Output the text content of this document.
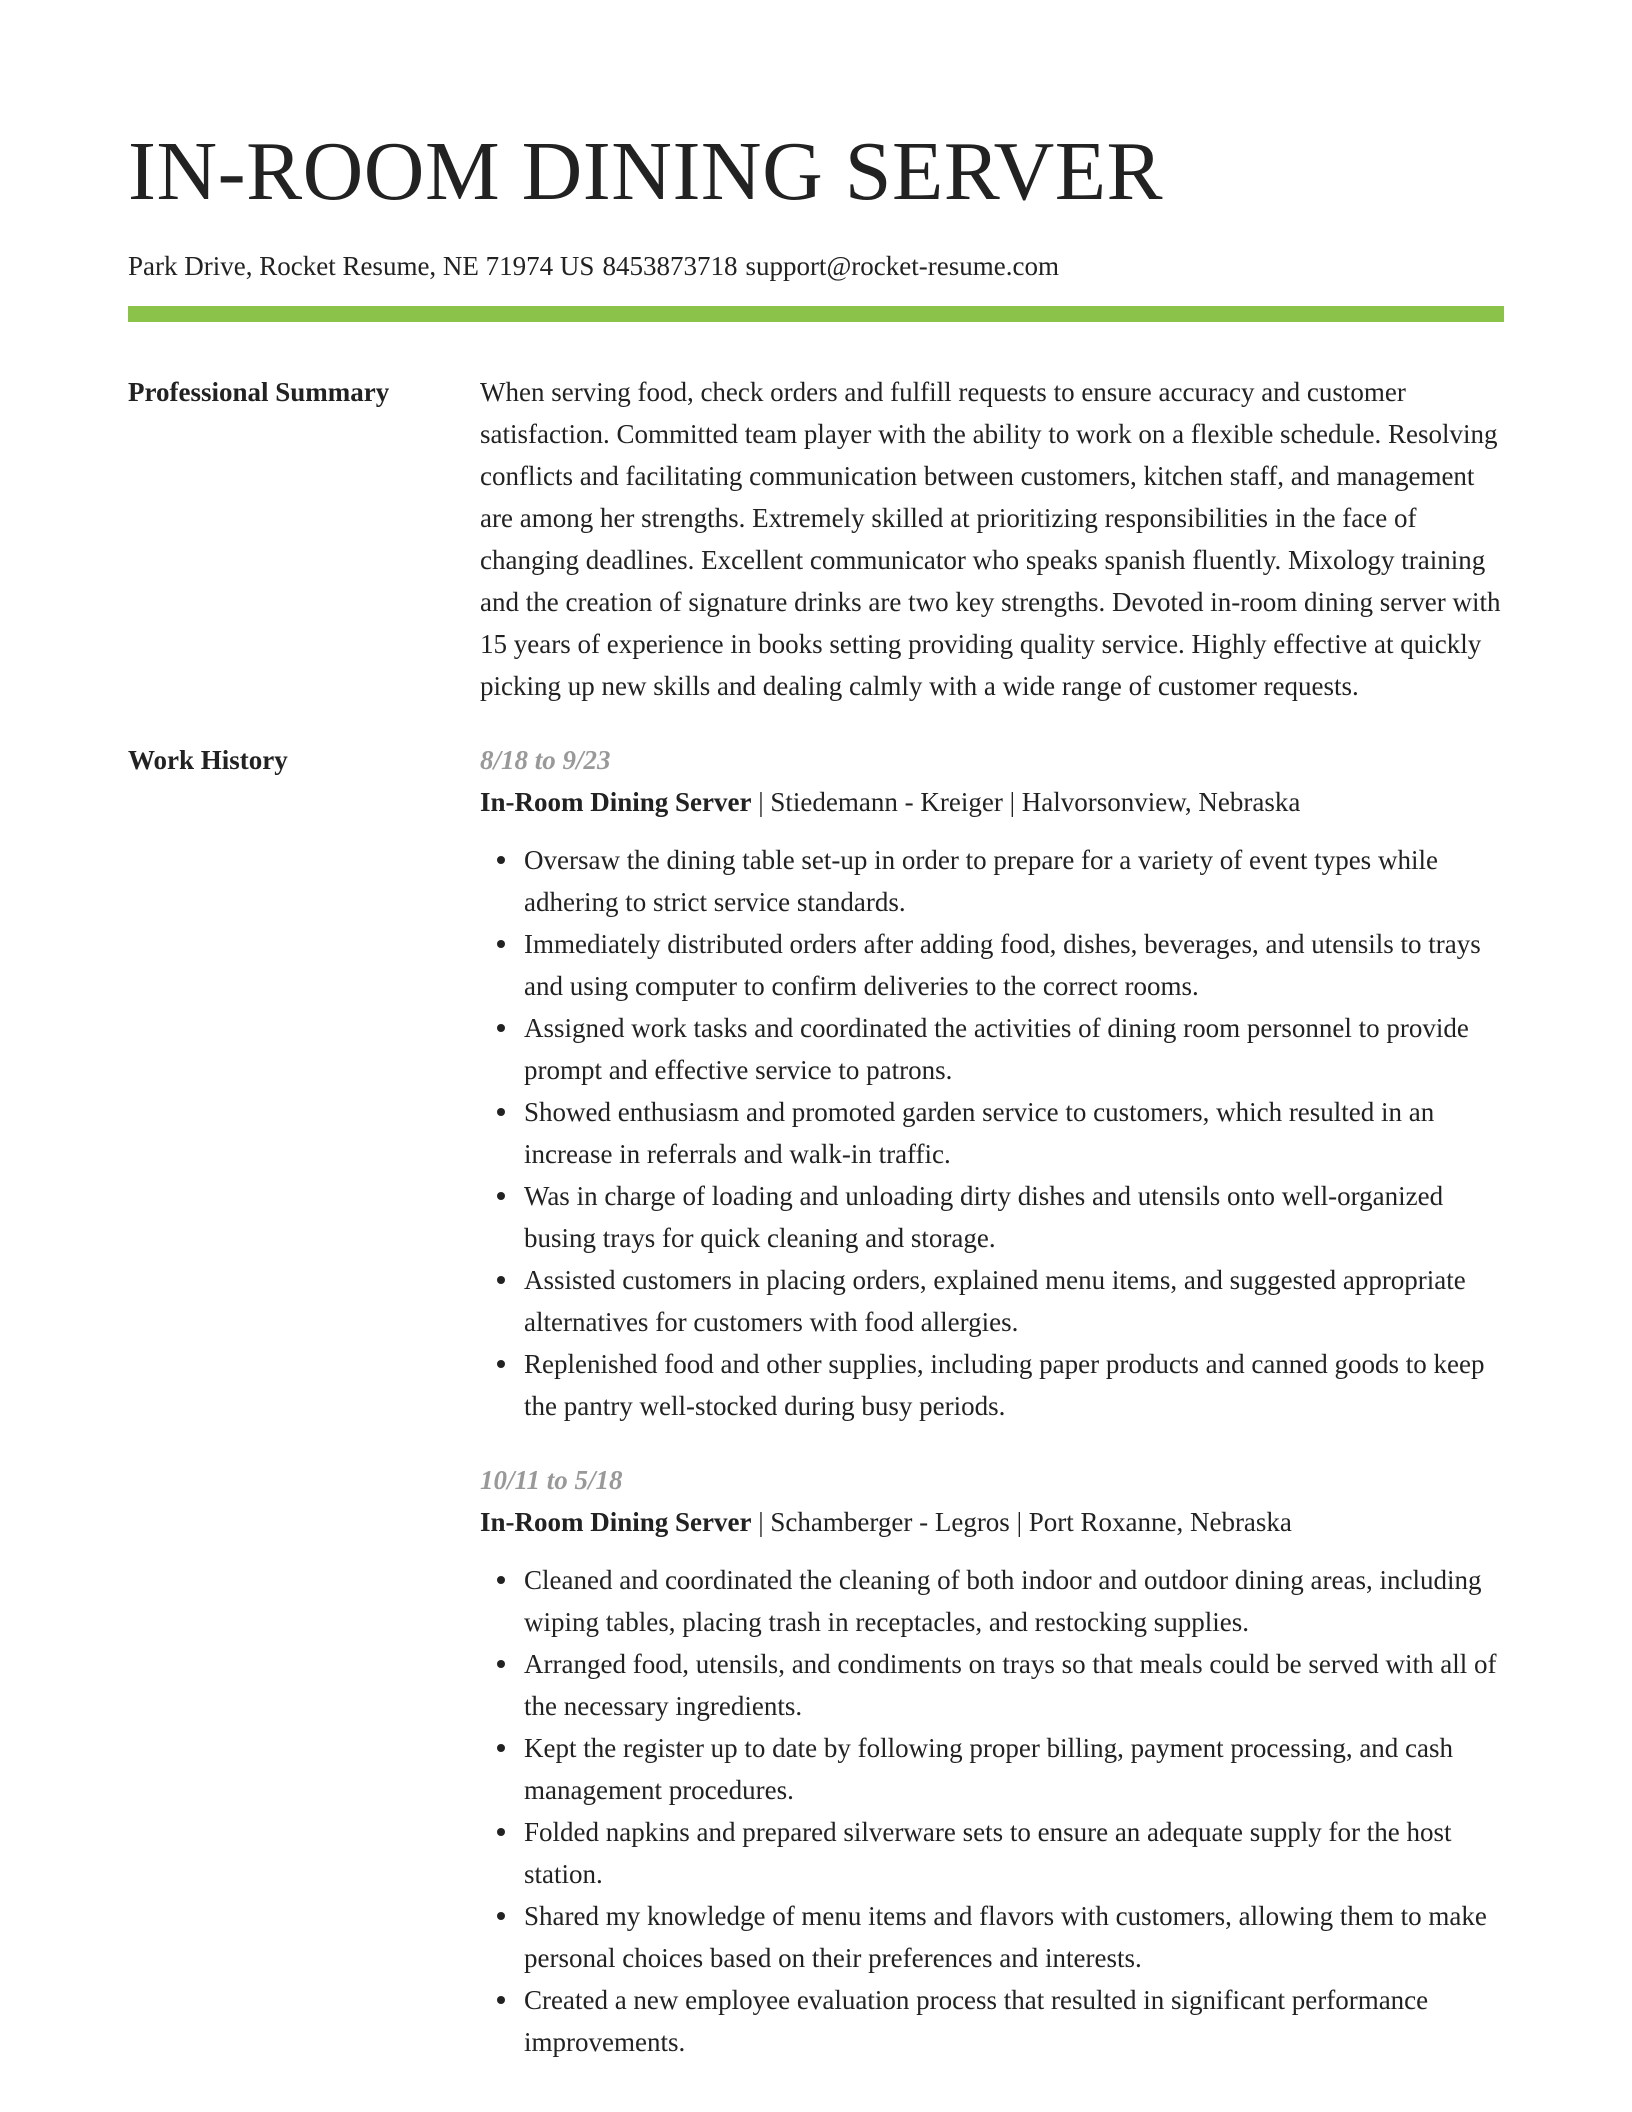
IN-ROOM DINING SERVER
Park Drive, Rocket Resume, NE 71974 US 8453873718 support@rocket-resume.com
Professional Summary	When serving food, check orders and fulfill requests to ensure accuracy and customer satisfaction. Committed team player with the ability to work on a flexible schedule. Resolving conflicts and facilitating communication between customers, kitchen staff, and management are among her strengths. Extremely skilled at prioritizing responsibilities in the face of changing deadlines. Excellent communicator who speaks spanish fluently. Mixology training and the creation of signature drinks are two key strengths. Devoted in-room dining server with 15 years of experience in books setting providing quality service. Highly effective at quickly picking up new skills and dealing calmly with a wide range of customer requests.

Work History	8/18 to 9/23
In-Room Dining Server | Stiedemann - Kreiger | Halvorsonview, Nebraska
Oversaw the dining table set-up in order to prepare for a variety of event types while adhering to strict service standards.
Immediately distributed orders after adding food, dishes, beverages, and utensils to trays and using computer to confirm deliveries to the correct rooms.
Assigned work tasks and coordinated the activities of dining room personnel to provide prompt and effective service to patrons.
Showed enthusiasm and promoted garden service to customers, which resulted in an increase in referrals and walk-in traffic.
Was in charge of loading and unloading dirty dishes and utensils onto well-organized busing trays for quick cleaning and storage.
Assisted customers in placing orders, explained menu items, and suggested appropriate alternatives for customers with food allergies.
Replenished food and other supplies, including paper products and canned goods to keep the pantry well-stocked during busy periods.
10/11 to 5/18
In-Room Dining Server | Schamberger - Legros | Port Roxanne, Nebraska
Cleaned and coordinated the cleaning of both indoor and outdoor dining areas, including wiping tables, placing trash in receptacles, and restocking supplies.
Arranged food, utensils, and condiments on trays so that meals could be served with all of the necessary ingredients.
Kept the register up to date by following proper billing, payment processing, and cash management procedures.
Folded napkins and prepared silverware sets to ensure an adequate supply for the host station.
Shared my knowledge of menu items and flavors with customers, allowing them to make personal choices based on their preferences and interests.
Created a new employee evaluation process that resulted in significant performance improvements.
